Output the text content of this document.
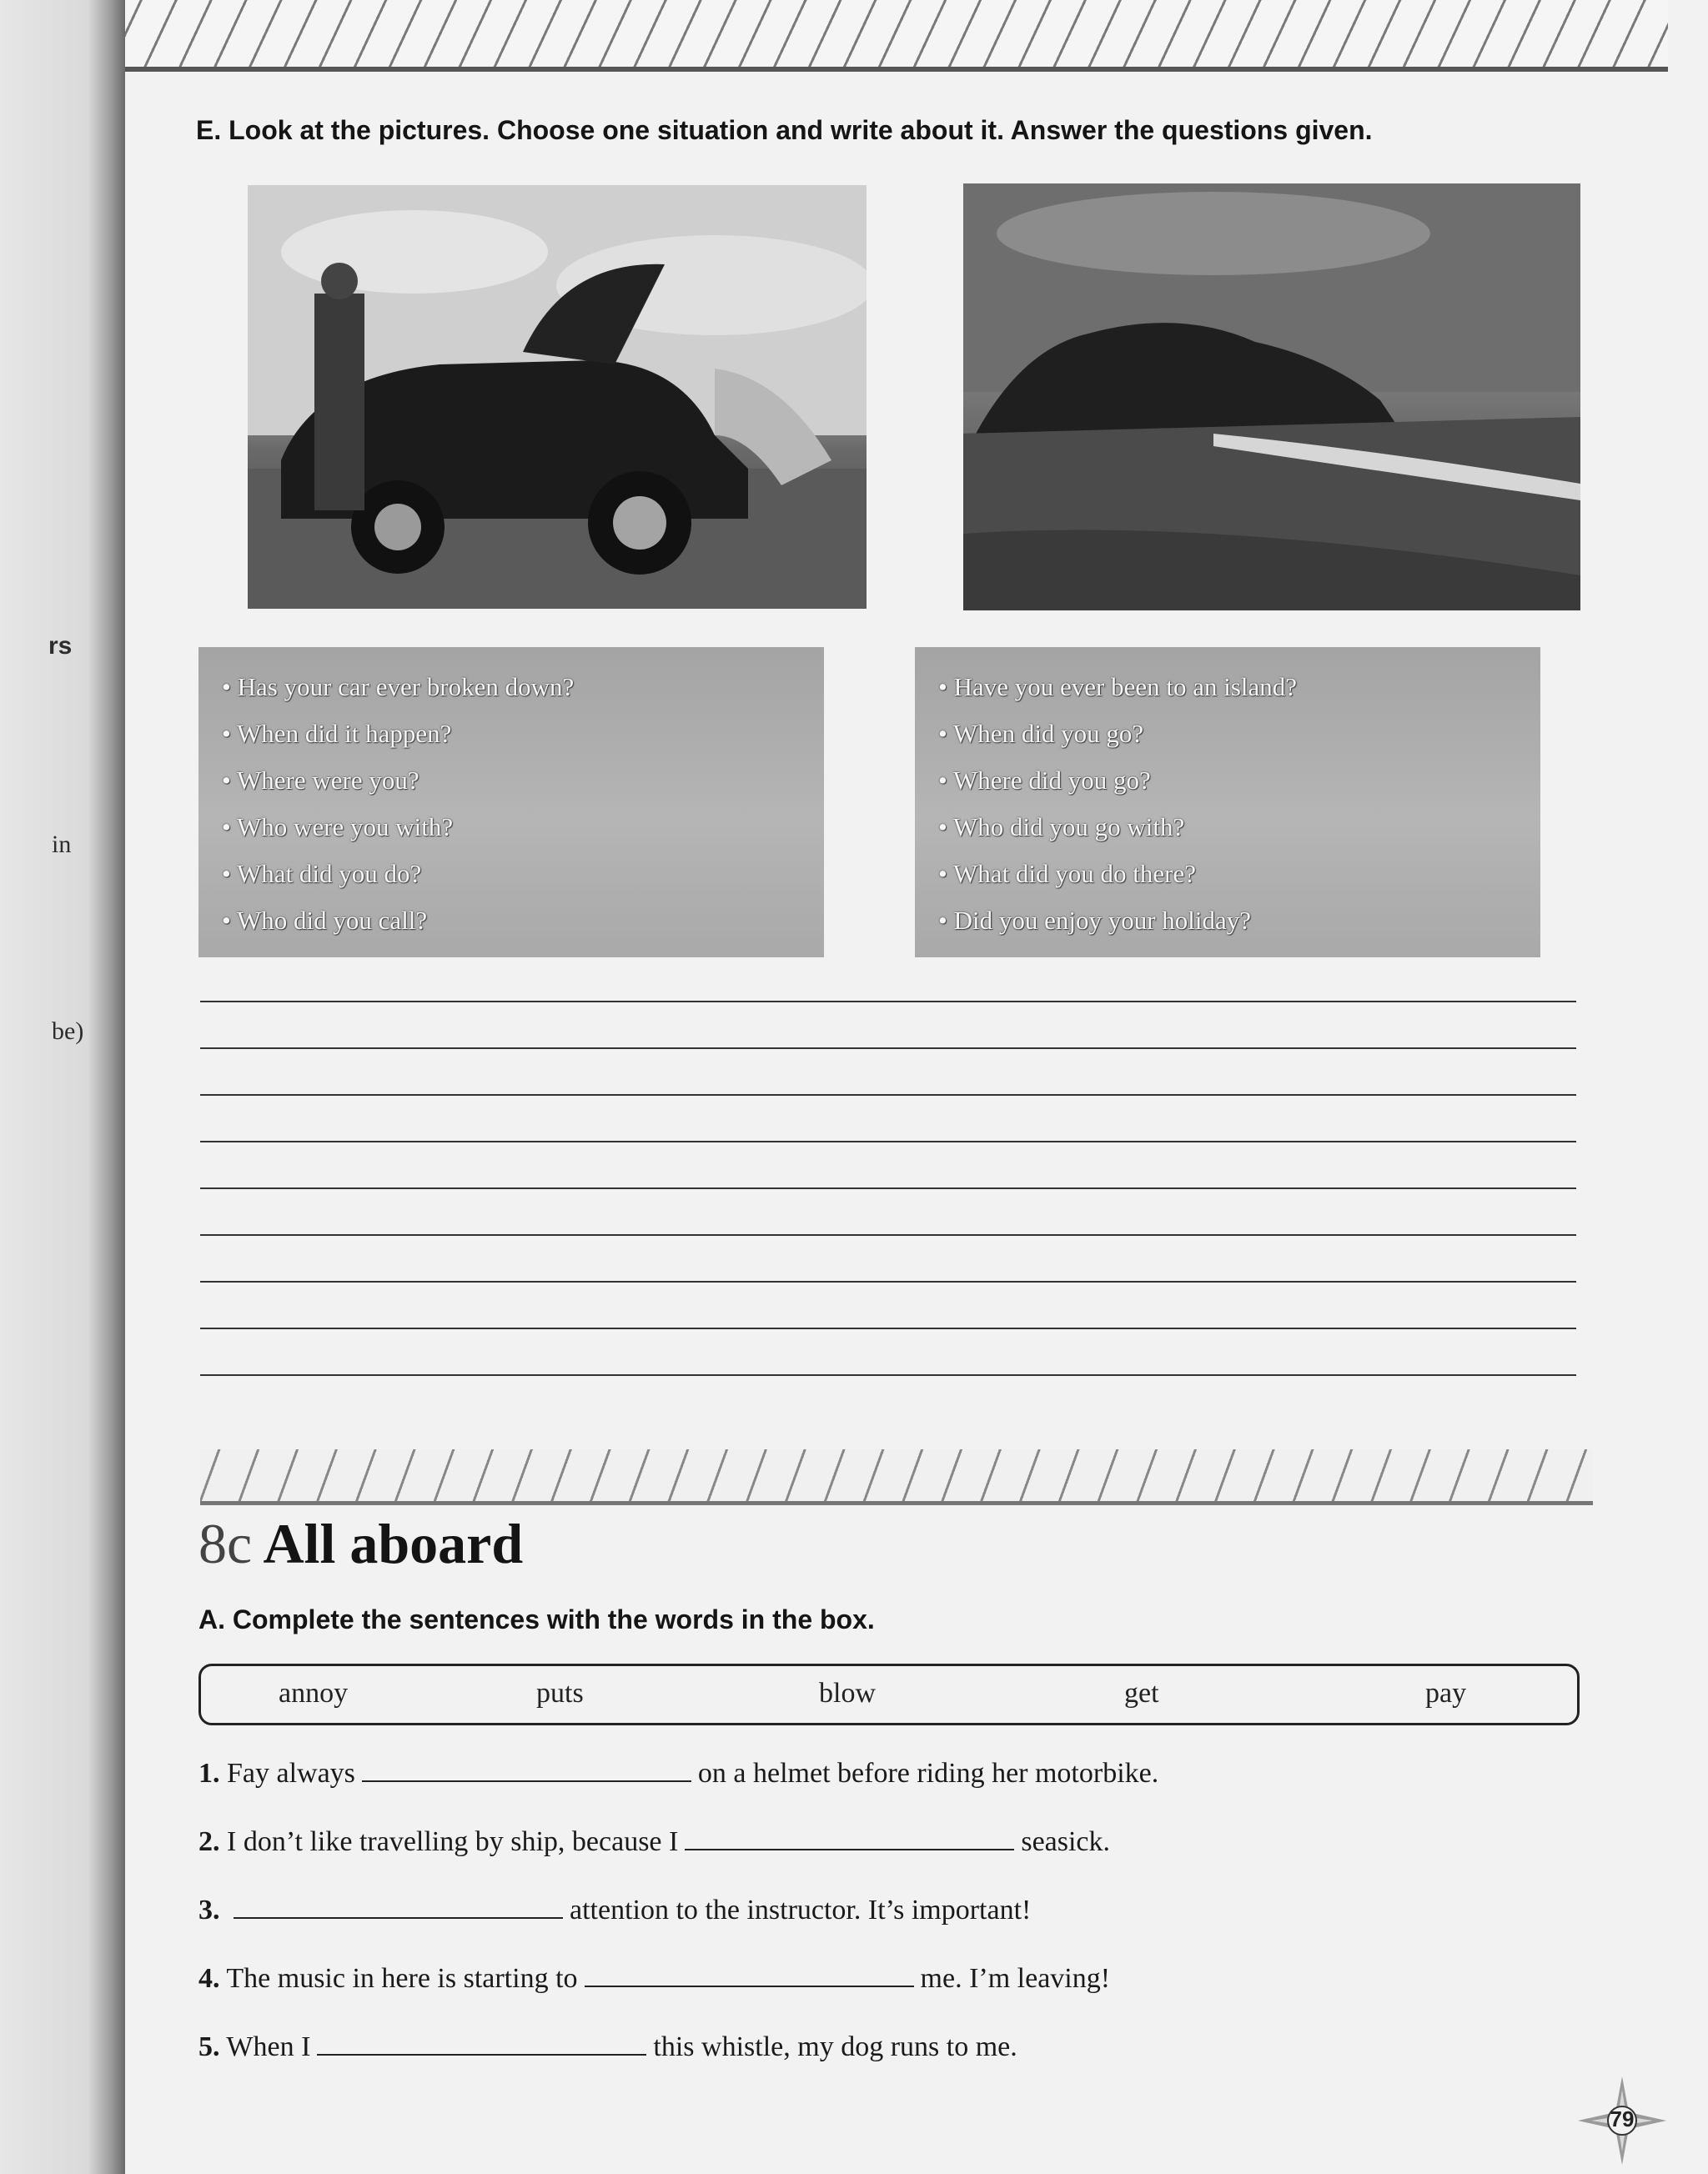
rs
in
be)
E. Look at the pictures. Choose one situation and write about it. Answer the questions given.
• Has your car ever broken down?
• When did it happen?
• Where were you?
• Who were you with?
• What did you do?
• Who did you call?
• Have you ever been to an island?
• When did you go?
• Where did you go?
• Who did you go with?
• What did you do there?
• Did you enjoy your holiday?
8c All aboard
A. Complete the sentences with the words in the box.
annoy	puts	blow	get	pay
1. Fay always	on a helmet before riding her motorbike.
2. I don’t like travelling by ship, because I	seasick.
3.	attention to the instructor. It’s important!
4. The music in here is starting to	me. I’m leaving!
5. When I	this whistle, my dog runs to me.
79
